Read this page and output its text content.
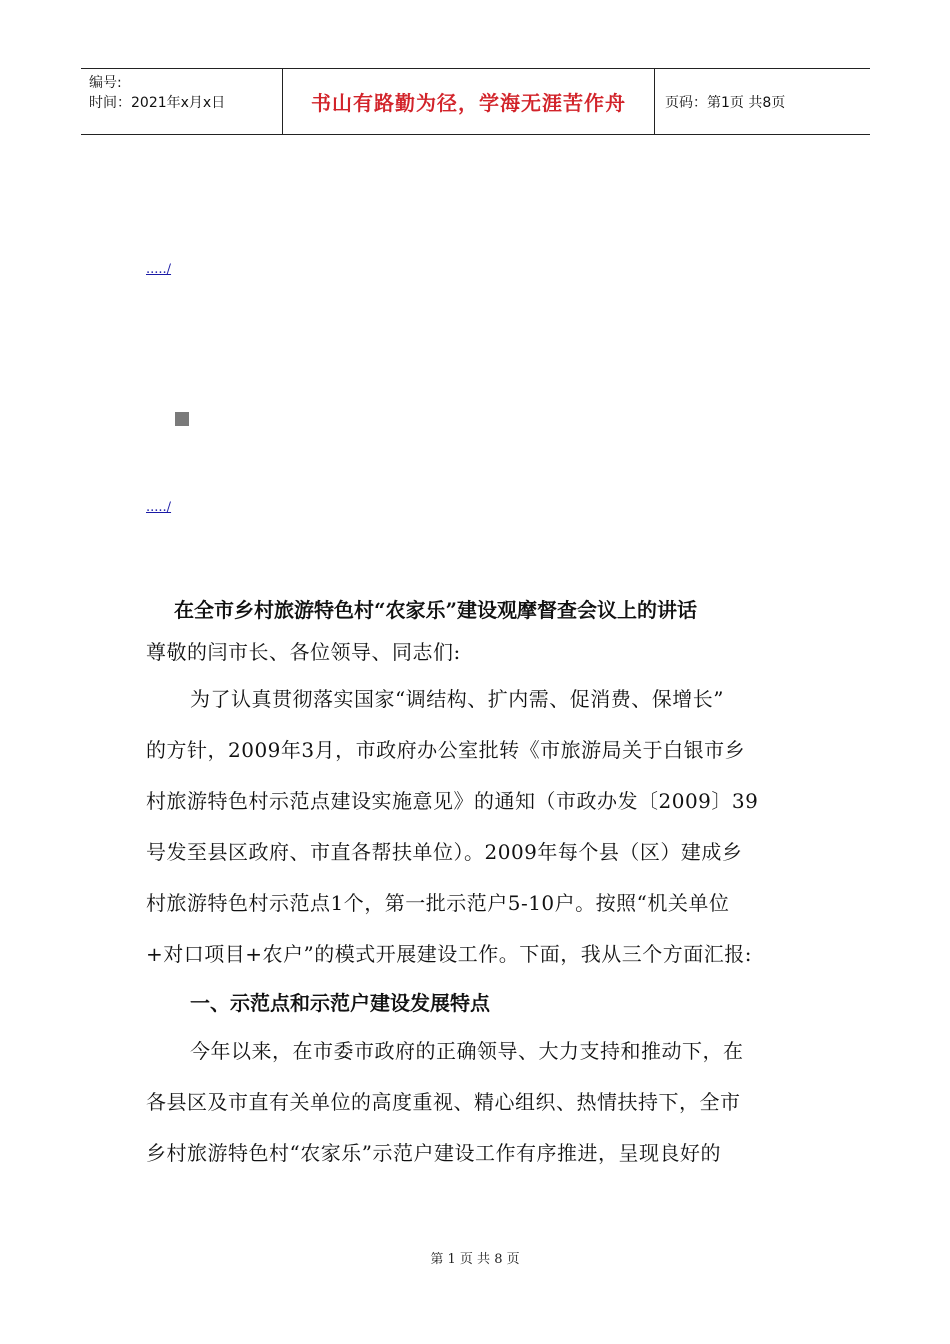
编号:
时间：2021年x月x日	书山有路勤为径，学海无涯苦作舟	页码：第1页 共8页
...../
...../

在全市乡村旅游特色村“农家乐”建设观摩督查会议上的讲话

尊敬的闫市长、各位领导、同志们:

为了认真贯彻落实国家“调结构、扩内需、促消费、保增长”

的方针，2009年3月，市政府办公室批转《市旅游局关于白银市乡

村旅游特色村示范点建设实施意见》的通知（市政办发〔2009〕39

号发至县区政府、市直各帮扶单位）。2009年每个县（区）建成乡

村旅游特色村示范点1个，第一批示范户5-10户。按照“机关单位

+对口项目+农户”的模式开展建设工作。下面，我从三个方面汇报:

一、示范点和示范户建设发展特点

今年以来，在市委市政府的正确领导、大力支持和推动下，在

各县区及市直有关单位的高度重视、精心组织、热情扶持下，全市

乡村旅游特色村“农家乐”示范户建设工作有序推进，呈现良好的

第 1 页 共 8 页
